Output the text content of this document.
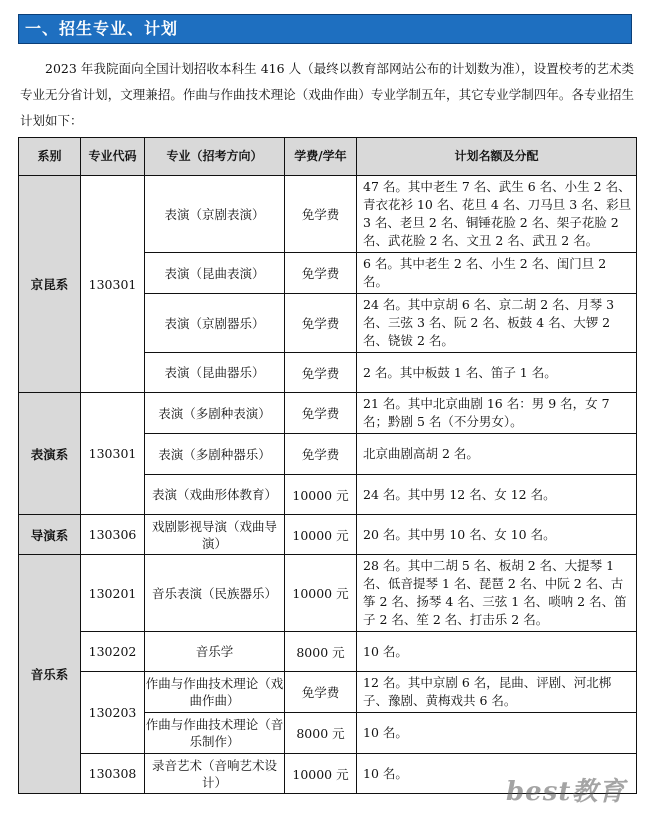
一、招生专业、计划

2023 年我院面向全国计划招收本科生 416 人（最终以教育部网站公布的计划数为准），设置校考的艺术类专业无分省计划，文理兼招。作曲与作曲技术理论（戏曲作曲）专业学制五年，其它专业学制四年。各专业招生计划如下：

系别	专业代码	专业（招考方向）	学费/学年	计划名额及分配
京昆系	130301	表演（京剧表演）	免学费	47 名。其中老生 7 名、武生 6 名、小生 2 名、青衣花衫 10 名、花旦 4 名、刀马旦 3 名、彩旦 3 名、老旦 2 名、铜锤花脸 2 名、架子花脸 2 名、武花脸 2 名、文丑 2 名、武丑 2 名。
		表演（昆曲表演）	免学费	6 名。其中老生 2 名、小生 2 名、闺门旦 2 名。
		表演（京剧器乐）	免学费	24 名。其中京胡 6 名、京二胡 2 名、月琴 3 名、三弦 3 名、阮 2 名、板鼓 4 名、大锣 2 名、铙钹 2 名。
		表演（昆曲器乐）	免学费	2 名。其中板鼓 1 名、笛子 1 名。
表演系	130301	表演（多剧种表演）	免学费	21 名。其中北京曲剧 16 名：男 9 名，女 7 名；黔剧 5 名（不分男女）。
		表演（多剧种器乐）	免学费	北京曲剧高胡 2 名。
		表演（戏曲形体教育）	10000 元	24 名。其中男 12 名、女 12 名。
导演系	130306	戏剧影视导演（戏曲导演）	10000 元	20 名。其中男 10 名、女 10 名。
音乐系	130201	音乐表演（民族器乐）	10000 元	28 名。其中二胡 5 名、板胡 2 名、大提琴 1 名、低音提琴 1 名、琵琶 2 名、中阮 2 名、古筝 2 名、扬琴 4 名、三弦 1 名、唢呐 2 名、笛子 2 名、笙 2 名、打击乐 2 名。
	130202	音乐学	8000 元	10 名。
	130203	作曲与作曲技术理论（戏曲作曲）	免学费	12 名。其中京剧 6 名，昆曲、评剧、河北梆子、豫剧、黄梅戏共 6 名。
		作曲与作曲技术理论（音乐制作）	8000 元	10 名。
	130308	录音艺术（音响艺术设计）	10000 元	10 名。
best教育
